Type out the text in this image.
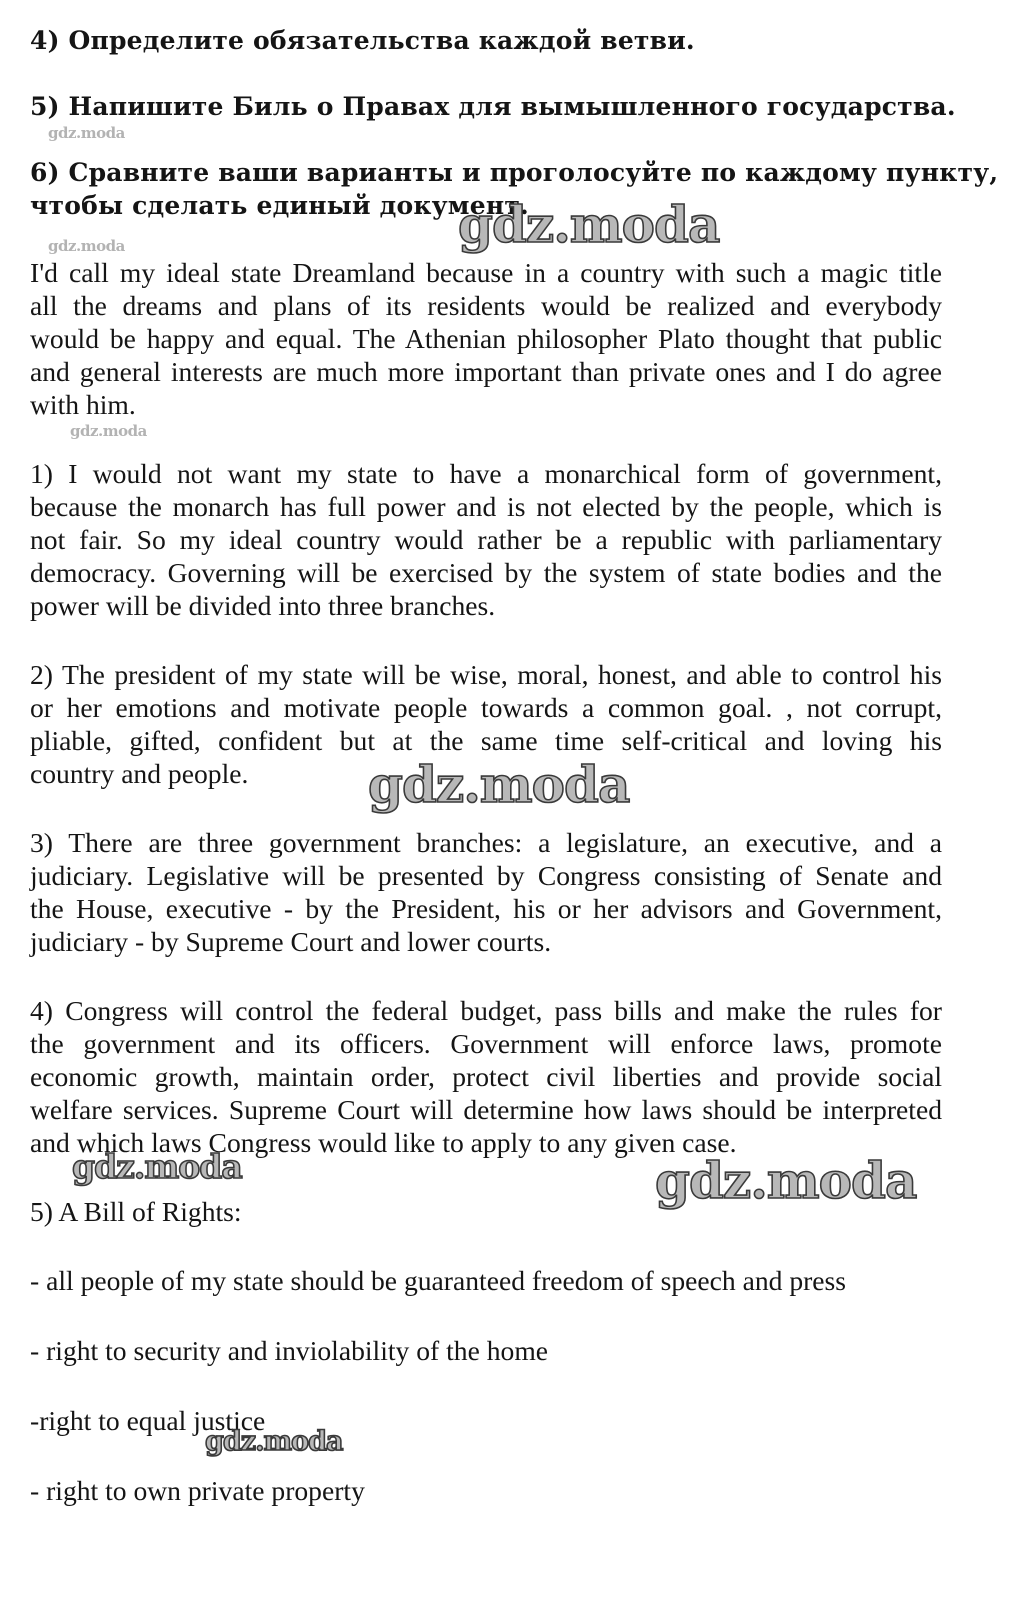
4) Определите обязательства каждой ветви.
5) Напишите Биль о Правах для вымышленного государства.
6) Сравните ваши варианты и проголосуйте по каждому пункту,
чтобы сделать единый документ.
I'd call my ideal state Dreamland because in a country with such a magic title
all the dreams and plans of its residents would be realized and everybody
would be happy and equal. The Athenian philosopher Plato thought that public
and general interests are much more important than private ones and I do agree
with him.
1) I would not want my state to have a monarchical form of government,
because the monarch has full power and is not elected by the people, which is
not fair. So my ideal country would rather be a republic with parliamentary
democracy. Governing will be exercised by the system of state bodies and the
power will be divided into three branches.
2) The president of my state will be wise, moral, honest, and able to control his
or her emotions and motivate people towards a common goal. , not corrupt,
pliable, gifted, confident but at the same time self-critical and loving his
country and people.
3) There are three government branches: a legislature, an executive, and a
judiciary. Legislative will be presented by Congress consisting of Senate and
the House, executive - by the President, his or her advisors and Government,
judiciary - by Supreme Court and lower courts.
4) Congress will control the federal budget, pass bills and make the rules for
the government and its officers. Government will enforce laws, promote
economic growth, maintain order, protect civil liberties and provide social
welfare services. Supreme Court will determine how laws should be interpreted
and which laws Congress would like to apply to any given case.
5) A Bill of Rights:
- all people of my state should be guaranteed freedom of speech and press
- right to security and inviolability of the home
-right to equal justice
- right to own private property
gdz.moda
gdz.moda
gdz.moda
gdz.moda
gdz.moda
gdz.moda	gdz.moda
gdz.moda
